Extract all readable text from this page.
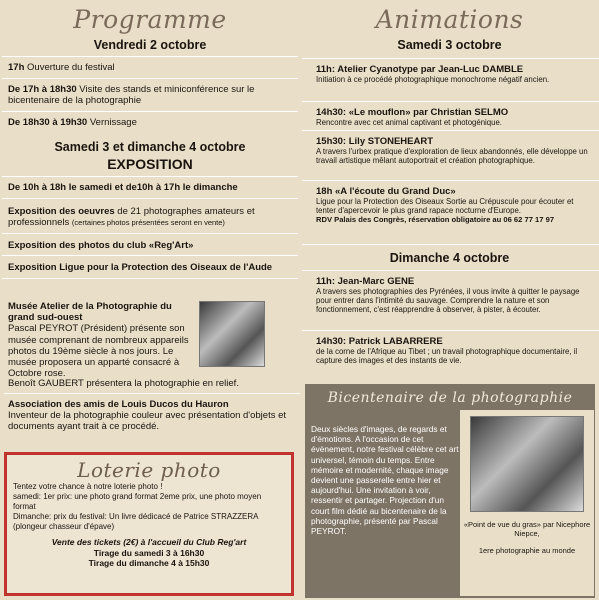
Programme
Vendredi 2 octobre
17h Ouverture du festival
De 17h à 18h30 Visite des stands et miniconférence sur le bicentenaire de la photographie
De 18h30 à 19h30 Vernissage
Samedi 3 et dimanche 4 octobre
EXPOSITION
De 10h à 18h le samedi et de10h à 17h le dimanche
Exposition des oeuvres de 21 photographes amateurs et professionnels (certaines photos présentées seront en vente)
Exposition des photos du club «Reg'Art»
Exposition Ligue pour la Protection des Oiseaux de l'Aude
Musée Atelier de la Photographie du grand sud-ouest
Pascal PEYROT (Président) présente son musée comprenant de nombreux appareils photos du 19ème siècle à nos jours. Le musée proposera un apparté consacré à Octobre rose.
Benoît GAUBERT présentera la photographie en relief.
Association des amis de Louis Ducos du Hauron
Inventeur de la photographie couleur avec présentation d'objets et documents ayant trait à ce procédé.
Loterie photo
Tentez votre chance à notre loterie photo !
samedi: 1er prix: une photo grand format 2eme prix, une photo moyen format
Dimanche: prix du festival: Un livre dédicacé de Patrice STRAZZERA (plongeur chasseur d'épave)
Vente des tickets (2€) à l'accueil du Club Reg'art
Tirage du samedi 3 à 16h30
Tirage du dimanche 4 à 15h30
Animations
Samedi 3 octobre
11h: Atelier Cyanotype par Jean-Luc DAMBLE
Initiation à ce procédé photographique monochrome négatif ancien.
14h30: «Le mouflon» par Christian SELMO
Rencontre avec cet animal captivant et photogénique.
15h30: Lily STONEHEART
A travers l'urbex pratique d'exploration de lieux abandonnés, elle développe un travail artistique mêlant autoportrait et création photographique.
18h «A l'écoute du Grand Duc»
Ligue pour la Protection des Oiseaux Sortie au Crépuscule pour écouter et tenter d'apercevoir le plus grand rapace nocturne d'Europe.
RDV Palais des Congrès, réservation obligatoire au 06 62 77 17 97
Dimanche 4 octobre
11h: Jean-Marc GENE
A travers ses photographies des Pyrénées, il vous invite à quitter le paysage pour entrer dans l'intimité du sauvage. Comprendre la nature et son fonctionnement, c'est réapprendre à observer, à pister, à écouter.
14h30: Patrick LABARRERE
de la corne de l'Afrique au Tibet ; un travail photographique documentaire, il capture des images et des instants de vie.
Bicentenaire de la photographie
Deux siècles d'images, de regards et d'émotions. A l'occasion de cet évènement, notre festival célèbre cet art universel, témoin du temps. Entre mémoire et modernité, chaque image devient une passerelle entre hier et aujourd'hui. Une invitation à voir, ressentir et partager. Projection d'un court film dédié au bicentenaire de la photographie, présenté par Pascal PEYROT.
«Point de vue du gras» par Nicephore Niepce,
1ere photographie au monde
